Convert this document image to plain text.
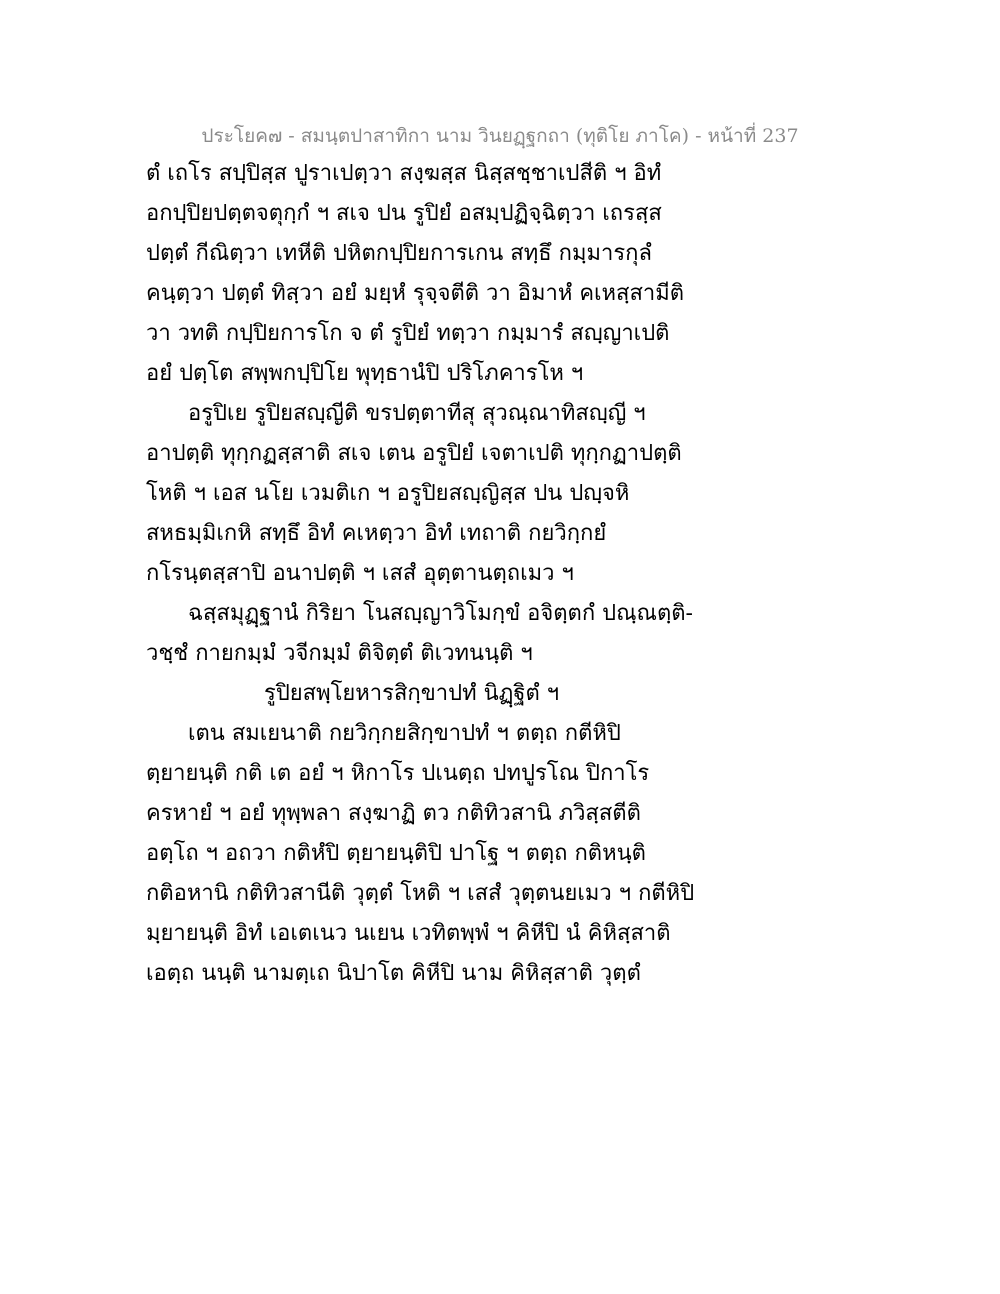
ประโยค๗ - สมนฺตปาสาทิกา นาม วินยฏฺฐกถา (ทุติโย ภาโค) - หน้าที่ 237
ตํ เถโร สปฺปิสฺส ปูราเปตฺวา สงฺฆสฺส นิสฺสชฺชาเปสีติ ฯ อิทํ
อกปฺปิยปตฺตจตุกฺกํ ฯ สเจ ปน รูปิยํ อสมฺปฏิจฺฉิตฺวา เถรสฺส
ปตฺตํ กีณิตฺวา เทหีติ ปหิตกปฺปิยการเกน สทฺธึ กมฺมารกุลํ
คนฺตฺวา ปตฺตํ ทิสฺวา อยํ มยฺหํ รุจฺจตีติ วา อิมาหํ คเหสฺสามีติ
วา วทติ กปฺปิยการโก จ ตํ รูปิยํ ทตฺวา กมฺมารํ สญฺญาเปติ
อยํ ปตฺโต สพฺพกปฺปิโย พุทฺธานํปิ ปริโภคารโห ฯ
อรูปิเย รูปิยสญฺญีติ ขรปตฺตาทีสุ สุวณฺณาทิสญฺญี ฯ
อาปตฺติ ทุกฺกฏสฺสาติ สเจ เตน อรูปิยํ เจตาเปติ ทุกฺกฏาปตฺติ
โหติ ฯ เอส นโย เวมติเก ฯ อรูปิยสญฺญิสฺส ปน ปญฺจหิ
สหธมฺมิเกหิ สทฺธึ อิทํ คเหตฺวา อิทํ เทถาติ กยวิกฺกยํ
กโรนฺตสฺสาปิ อนาปตฺติ ฯ เสสํ อุตฺตานตฺถเมว ฯ
ฉสฺสมุฏฺฐานํ กิริยา โนสญฺญาวิโมกฺขํ อจิตฺตกํ ปณฺณตฺติ-
วชฺชํ กายกมฺมํ วจีกมฺมํ ติจิตฺตํ ติเวทนนฺติ ฯ
รูปิยสพฺโยหารสิกฺขาปทํ นิฏฺฐิตํ ฯ
เตน สมเยนาติ กยวิกฺกยสิกฺขาปทํ ฯ ตตฺถ กตีหิปิ
ตฺยายนฺติ กติ เต อยํ ฯ หิกาโร ปเนตฺถ ปทปูรโณ ปิกาโร
ครหายํ ฯ อยํ ทุพฺพลา สงฺฆาฏิ ตว กติทิวสานิ ภวิสฺสตีติ
อตฺโถ ฯ อถวา กติหํปิ ตฺยายนฺติปิ ปาโฐ ฯ ตตฺถ กติหนฺติ
กติอหานิ กติทิวสานีติ วุตฺตํ โหติ ฯ เสสํ วุตฺตนยเมว ฯ กตีหิปิ
มฺยายนฺติ อิทํ เอเตเนว นเยน เวทิตพฺพํ ฯ คิหีปิ นํ คิหิสฺสาติ
เอตฺถ นนฺติ นามตฺเถ นิปาโต คิหีปิ นาม คิหิสฺสาติ วุตฺตํ
